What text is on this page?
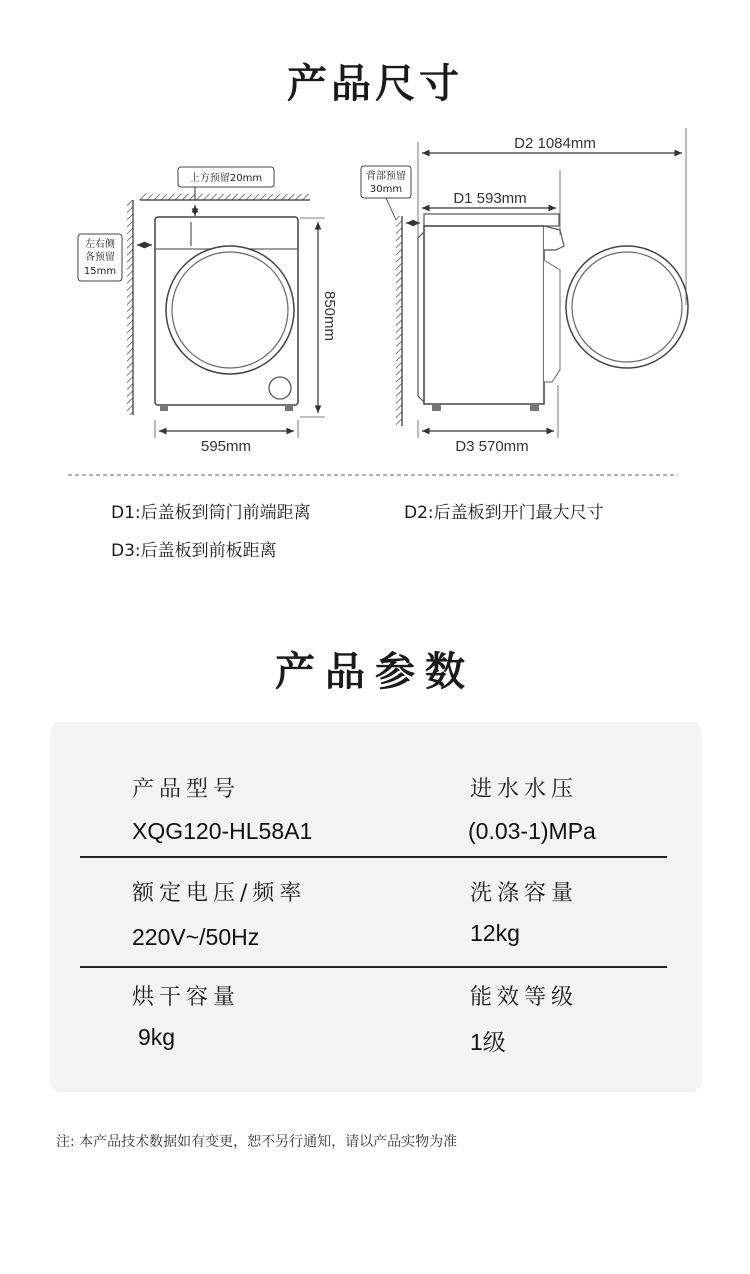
产品尺寸
上方预留20mm
左右侧
各预留
15mm
850mm
595mm
背部预留
30mm
D2 1084mm
D1 593mm
D3 570mm
D1:后盖板到筒门前端距离	D2:后盖板到开门最大尺寸
D3:后盖板到前板距离
产品参数
产品型号
XQG120-HL58A1
进水水压
(0.03-1)MPa
额定电压/频率
220V~/50Hz
洗涤容量
12kg
烘干容量
9kg
能效等级
1级
注: 本产品技术数据如有变更，恕不另行通知，请以产品实物为准
